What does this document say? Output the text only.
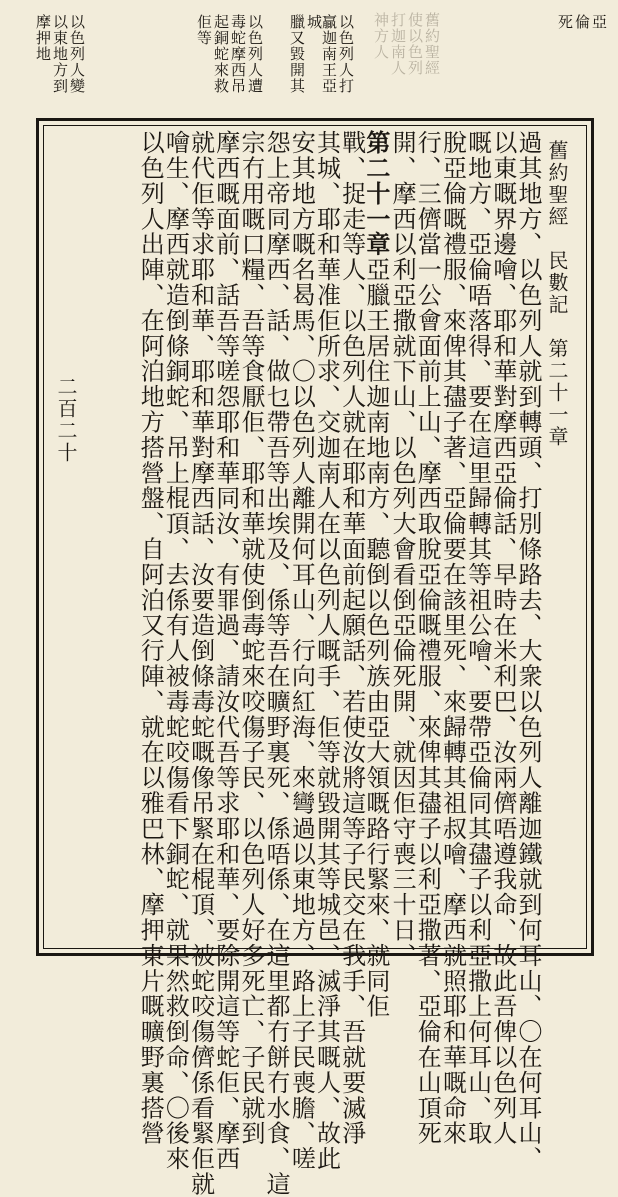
亞
倫
死
以色列人打
贏迦南王亞
城
臘又毀開其
毒蛇摩西吊
起銅蛇來救
佢等	以色列人遭
以色列人變
以東地方到
摩押地	舊約聖經
使以色列
打迦南人
神方人
舊約聖經　民數記　第二十一章
二百二十	過其地方、以色列人就到轉頭、打別條路去、大衆以色列人離迦鐵就到何耳山、〇在何耳山、
以東嘅界邊噲、耶和華對摩西亞倫話、早時在米利巴、汝兩儕唔遵我命、故此吾俾以色列人
嘅地方、亞倫唔落得、要在這里歸轉其等祖公噲、要帶亞倫同其孻子以利亞撒上何耳山、取
脫亞倫嘅禮服、來俾其孻子著、亞倫要在該里死、來歸轉其祖叔噲、摩西就照耶和華嘅命來
行、三儕當一公會面前上山、摩西取脫亞倫嘅禮服、來俾其孻子以利亞撒著、亞倫在山頂死
開、摩西以利亞撒就下山、以色列大會看倒亞倫死開、就因佢守喪三十日、
第二十一章亞臘王居住迦南地南方、聽倒以色列族由亞大領嘅路行緊來、就同佢
戰、捉走等人、以色列人就在耶和華面前起願話、若使汝將這等子民交在我手、吾就要滅淨
其城、耶和華准佢所求、交迦南人在以色列人嘅手、佢等就毀開其等城邑、滅淨其嘅人、故此
安其地方嘅名曷馬、〇以色列人離開何耳山、行向紅海、來彎過以東地方、路上子民喪膽、嗟
怨上帝同摩西、話、做乜帶吾等出埃及、係等吾在曠野裏死、係唔係、在這里都冇餅冇水食、這
宗冇用嘅口糧、吾等食厭佢、耶和華就使倒毒蛇來咬傷子民、以色列人好多死亡、子民就到
摩西嘅面前、話吾等嗟怨耶和華同汝、有罪過、請汝代吾等求耶和華、要除開這等蛇佢、摩西
就代佢等求耶和華、耶和華對摩西話、汝要造倒條毒蛇嘅像吊緊在棍頂、被蛇咬傷儕係看緊佢就
噲生、摩西就造倒條銅蛇、吊上棍頂、去係有人被毒蛇咬傷看下銅蛇、就果然救倒命、〇後來
以色列人出陣、在阿泊地方搭營盤、自阿泊又行陣、就在以雅巴林、摩押東片嘅曠野裏搭營
